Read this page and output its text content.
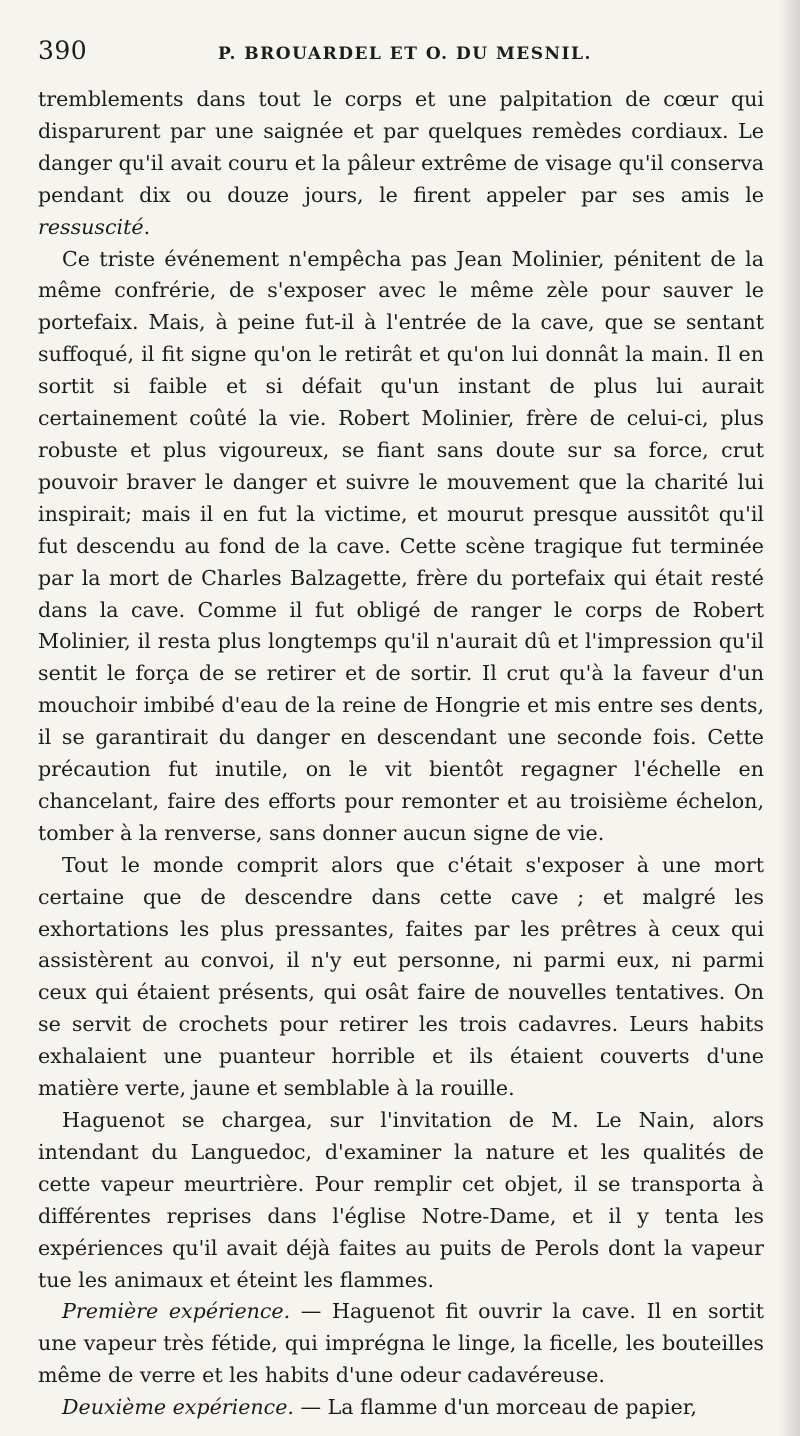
390	P. BROUARDEL ET O. DU MESNIL.

tremblements dans tout le corps et une palpitation de cœur qui disparurent par une saignée et par quelques remèdes cordiaux. Le danger qu'il avait couru et la pâleur extrême de visage qu'il conserva pendant dix ou douze jours, le firent appeler par ses amis le ressuscité.

Ce triste événement n'empêcha pas Jean Molinier, pénitent de la même confrérie, de s'exposer avec le même zèle pour sauver le portefaix. Mais, à peine fut-il à l'entrée de la cave, que se sentant suffoqué, il fit signe qu'on le retirât et qu'on lui donnât la main. Il en sortit si faible et si défait qu'un instant de plus lui aurait certainement coûté la vie. Robert Molinier, frère de celui-ci, plus robuste et plus vigoureux, se fiant sans doute sur sa force, crut pouvoir braver le danger et suivre le mouvement que la charité lui inspirait; mais il en fut la victime, et mourut presque aussitôt qu'il fut descendu au fond de la cave. Cette scène tragique fut terminée par la mort de Charles Balzagette, frère du portefaix qui était resté dans la cave. Comme il fut obligé de ranger le corps de Robert Molinier, il resta plus longtemps qu'il n'aurait dû et l'impression qu'il sentit le força de se retirer et de sortir. Il crut qu'à la faveur d'un mouchoir imbibé d'eau de la reine de Hongrie et mis entre ses dents, il se garantirait du danger en descendant une seconde fois. Cette précaution fut inutile, on le vit bientôt regagner l'échelle en chancelant, faire des efforts pour remonter et au troisième échelon, tomber à la renverse, sans donner aucun signe de vie.

Tout le monde comprit alors que c'était s'exposer à une mort certaine que de descendre dans cette cave ; et malgré les exhortations les plus pressantes, faites par les prêtres à ceux qui assistèrent au convoi, il n'y eut personne, ni parmi eux, ni parmi ceux qui étaient présents, qui osât faire de nouvelles tentatives. On se servit de crochets pour retirer les trois cadavres. Leurs habits exhalaient une puanteur horrible et ils étaient couverts d'une matière verte, jaune et semblable à la rouille.

Haguenot se chargea, sur l'invitation de M. Le Nain, alors intendant du Languedoc, d'examiner la nature et les qualités de cette vapeur meurtrière. Pour remplir cet objet, il se transporta à différentes reprises dans l'église Notre-Dame, et il y tenta les expériences qu'il avait déjà faites au puits de Perols dont la vapeur tue les animaux et éteint les flammes.

Première expérience. — Haguenot fit ouvrir la cave. Il en sortit une vapeur très fétide, qui imprégna le linge, la ficelle, les bouteilles même de verre et les habits d'une odeur cadavéreuse.

Deuxième expérience. — La flamme d'un morceau de papier,
